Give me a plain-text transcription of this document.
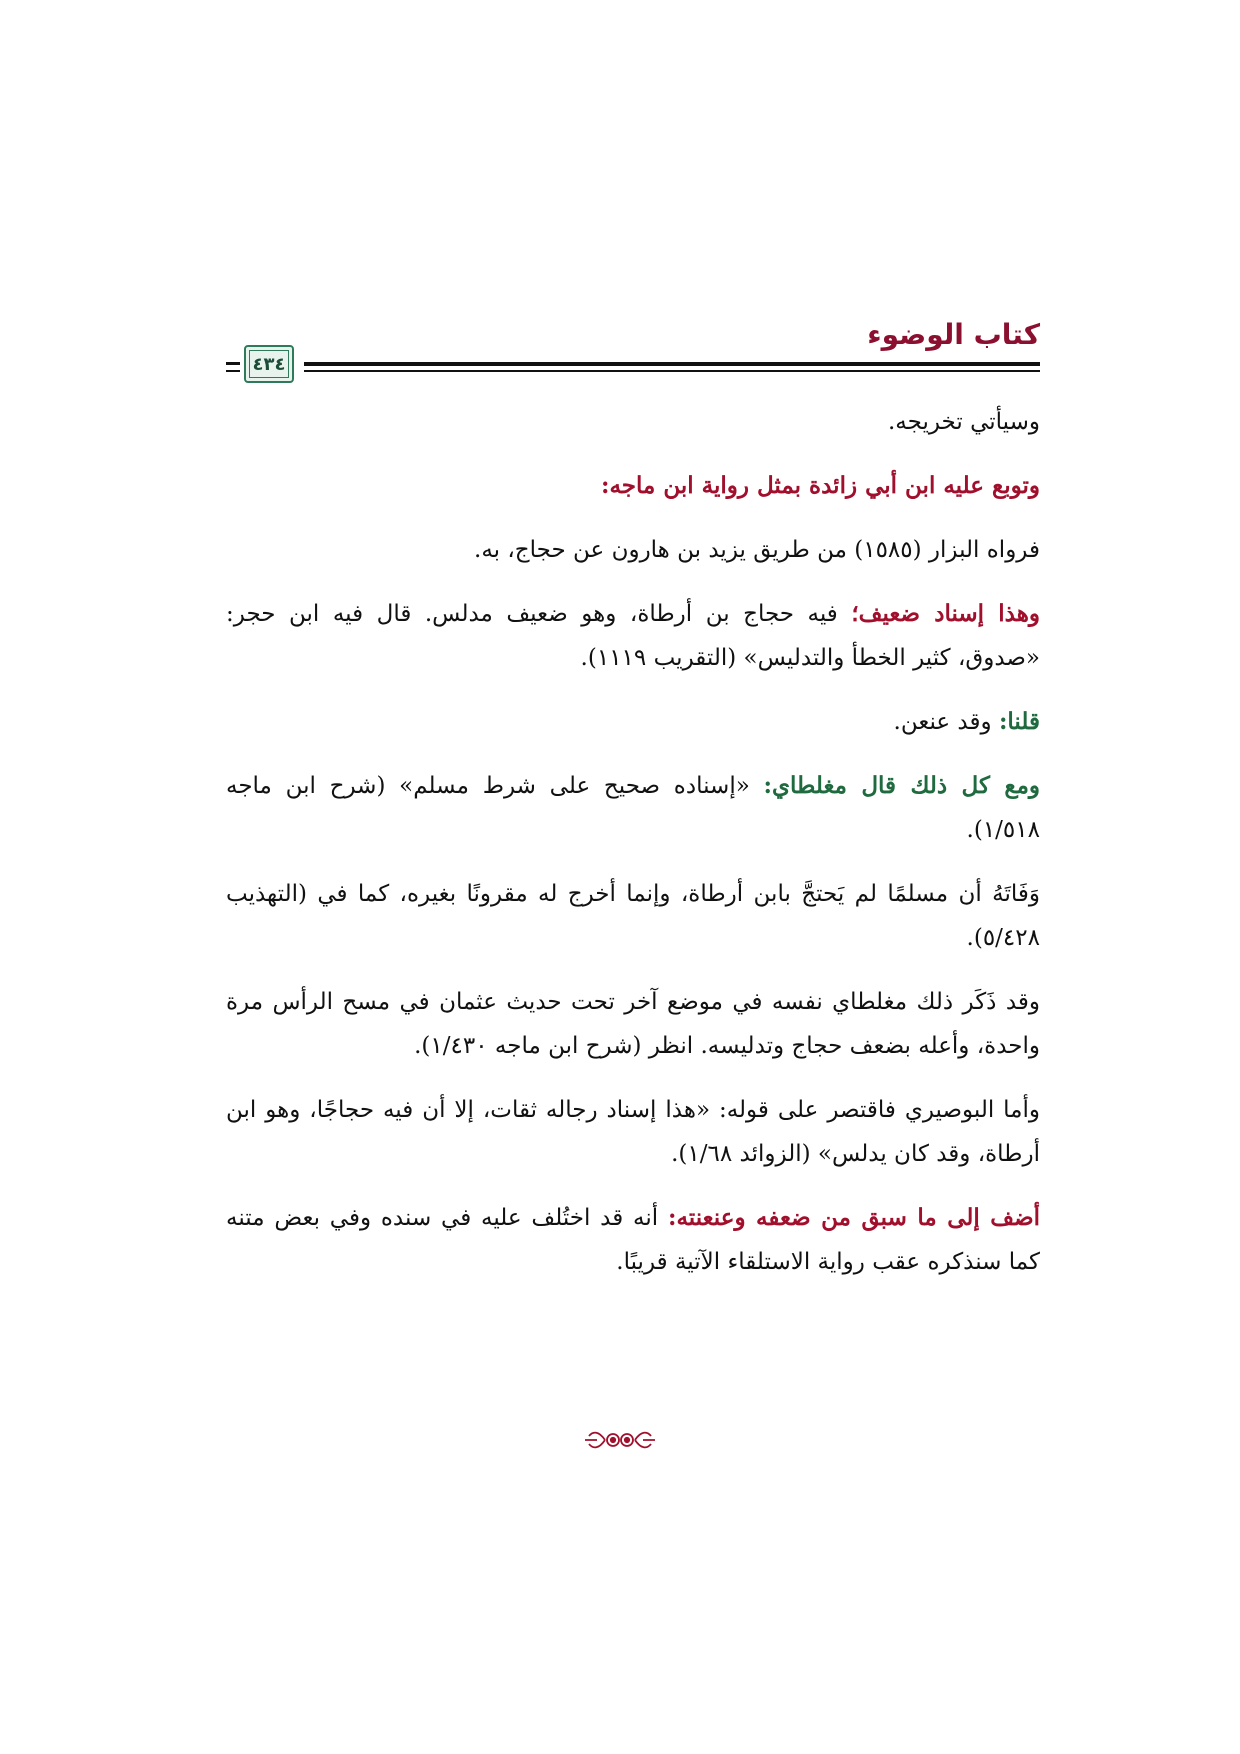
كتاب الوضوء
٤٣٤

وسيأتي تخريجه.

وتوبع عليه ابن أبي زائدة بمثل رواية ابن ماجه:

فرواه البزار (١٥٨٥) من طريق يزيد بن هارون عن حجاج، به.

وهذا إسناد ضعيف؛ فيه حجاج بن أرطاة، وهو ضعيف مدلس. قال فيه ابن حجر: «صدوق، كثير الخطأ والتدليس» (التقريب ١١١٩).

قلنا: وقد عنعن.

ومع كل ذلك قال مغلطاي: «إسناده صحيح على شرط مسلم» (شرح ابن ماجه ١/٥١٨).

وَفَاتَهُ أن مسلمًا لم يَحتجَّ بابن أرطاة، وإنما أخرج له مقرونًا بغيره، كما في (التهذيب ٥/٤٢٨).

وقد ذَكَر ذلك مغلطاي نفسه في موضع آخر تحت حديث عثمان في مسح الرأس مرة واحدة، وأعله بضعف حجاج وتدليسه. انظر (شرح ابن ماجه ١/٤٣٠).

وأما البوصيري فاقتصر على قوله: «هذا إسناد رجاله ثقات، إلا أن فيه حجاجًا، وهو ابن أرطاة، وقد كان يدلس» (الزوائد ١/٦٨).

أضف إلى ما سبق من ضعفه وعنعنته: أنه قد اختُلف عليه في سنده وفي بعض متنه كما سنذكره عقب رواية الاستلقاء الآتية قريبًا.
